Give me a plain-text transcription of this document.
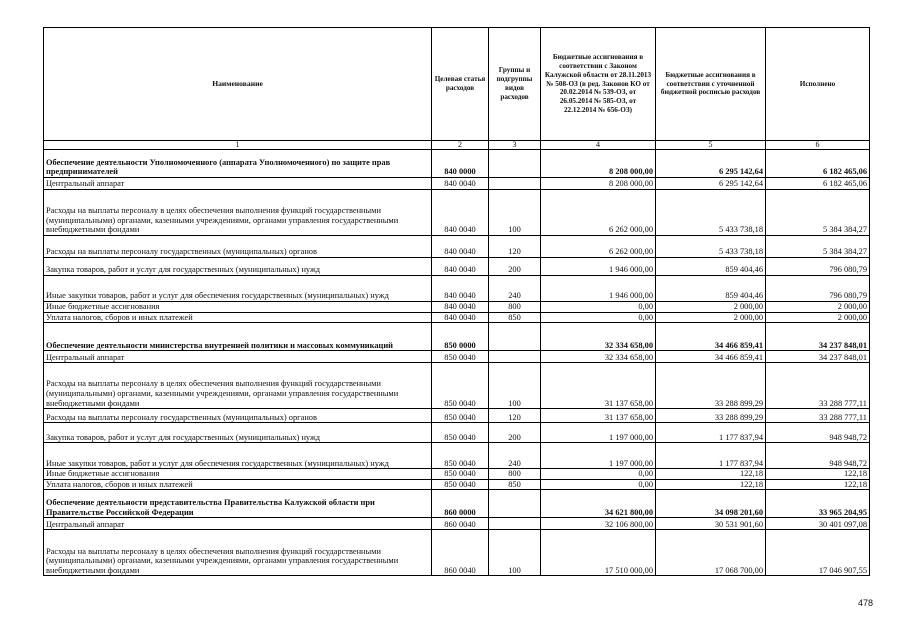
Наименование	Целевая статья расходов	Группы и подгруппы видов расходов	Бюджетные ассигнования в соответствии с Законом Калужской области от 28.11.2013 № 508-ОЗ (в ред. Законов КО от 20.02.2014 № 539-ОЗ, от 26.05.2014 № 585-ОЗ, от 22.12.2014 № 656-ОЗ)	Бюджетные ассигнования в соответствии с уточненной бюджетной росписью расходов	Исполнено
1	2	3	4	5	6
Обеспечение деятельности Уполномоченного (аппарата Уполномоченного) по защите прав предпринимателей	840 0000		8 208 000,00	6 295 142,64	6 182 465,06
Центральный аппарат	840 0040		8 208 000,00	6 295 142,64	6 182 465,06
Расходы на выплаты персоналу в целях обеспечения выполнения функций государственными (муниципальными) органами, казенными учреждениями, органами управления государственными внебюджетными фондами	840 0040	100	6 262 000,00	5 433 738,18	5 384 384,27
Расходы на выплаты персоналу государственных (муниципальных) органов	840 0040	120	6 262 000,00	5 433 738,18	5 384 384,27
Закупка товаров, работ и услуг для государственных (муниципальных) нужд	840 0040	200	1 946 000,00	859 404,46	796 080,79
Иные закупки товаров, работ и услуг для обеспечения государственных (муниципальных) нужд	840 0040	240	1 946 000,00	859 404,46	796 080,79
Иные бюджетные ассигнования	840 0040	800	0,00	2 000,00	2 000,00
Уплата налогов, сборов и иных платежей	840 0040	850	0,00	2 000,00	2 000,00
Обеспечение деятельности министерства внутренней политики и массовых коммуникаций	850 0000		32 334 658,00	34 466 859,41	34 237 848,01
Центральный аппарат	850 0040		32 334 658,00	34 466 859,41	34 237 848,01
Расходы на выплаты персоналу в целях обеспечения выполнения функций государственными (муниципальными) органами, казенными учреждениями, органами управления государственными внебюджетными фондами	850 0040	100	31 137 658,00	33 288 899,29	33 288 777,11
Расходы на выплаты персоналу государственных (муниципальных) органов	850 0040	120	31 137 658,00	33 288 899,29	33 288 777,11
Закупка товаров, работ и услуг для государственных (муниципальных) нужд	850 0040	200	1 197 000,00	1 177 837,94	948 948,72
Иные закупки товаров, работ и услуг для обеспечения государственных (муниципальных) нужд	850 0040	240	1 197 000,00	1 177 837,94	948 948,72
Иные бюджетные ассигнования	850 0040	800	0,00	122,18	122,18
Уплата налогов, сборов и иных платежей	850 0040	850	0,00	122,18	122,18
Обеспечение деятельности представительства Правительства Калужской области при Правительстве Российской Федерации	860 0000		34 621 800,00	34 098 201,60	33 965 204,95
Центральный аппарат	860 0040		32 106 800,00	30 531 901,60	30 401 097,08
Расходы на выплаты персоналу в целях обеспечения выполнения функций государственными (муниципальными) органами, казенными учреждениями, органами управления государственными внебюджетными фондами	860 0040	100	17 510 000,00	17 068 700,00	17 046 907,55
478
